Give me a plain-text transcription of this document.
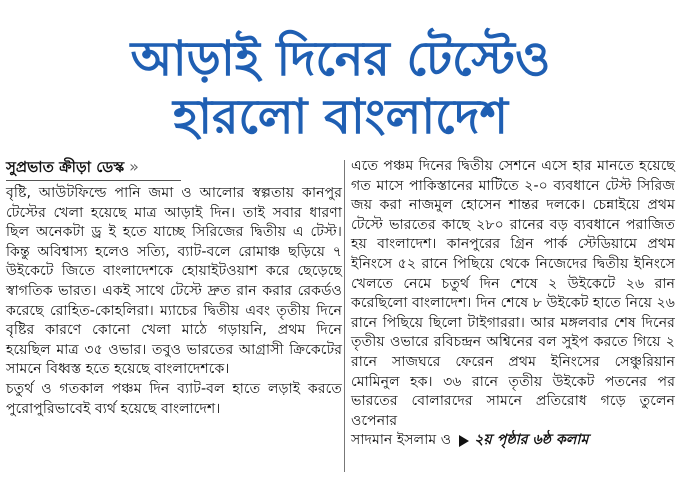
আড়াই দিনের টেস্টেও
হারলো বাংলাদেশ
সুপ্রভাত ক্রীড়া ডেস্ক »

বৃষ্টি, আউটফিল্ডে পানি জমা ও আলোর স্বল্পতায় কানপুর টেস্টের খেলা হয়েছে মাত্র আড়াই দিন। তাই সবার ধারণা ছিল অনেকটা ড্র ই হতে যাচ্ছে সিরিজের দ্বিতীয় এ টেস্ট। কিন্তু অবিশ্বাস্য হলেও সত্যি, ব্যাট-বলে রোমাঞ্চ ছড়িয়ে ৭ উইকেটে জিতে বাংলাদেশকে হোয়াইটওয়াশ করে ছেড়েছে স্বাগতিক ভারত। একই সাথে টেস্টে দ্রুত রান করার রেকর্ডও করেছে রোহিত-কোহলিরা। ম্যাচের দ্বিতীয় এবং তৃতীয় দিনে বৃষ্টির কারণে কোনো খেলা মাঠে গড়ায়নি, প্রথম দিনে হয়েছিল মাত্র ৩৫ ওভার। তবুও ভারতের আগ্রাসী ক্রিকেটের সামনে বিধ্বস্ত হতে হয়েছে বাংলাদেশকে।

চতুর্থ ও গতকাল পঞ্চম দিন ব্যাট-বল হাতে লড়াই করতে পুরোপুরিভাবেই ব্যর্থ হয়েছে বাংলাদেশ।

এতে পঞ্চম দিনের দ্বিতীয় সেশনে এসে হার মানতে হয়েছে গত মাসে পাকিস্তানের মাটিতে ২-০ ব্যবধানে টেস্ট সিরিজ জয় করা নাজমুল হোসেন শান্তর দলকে। চেন্নাইয়ে প্রথম টেস্টে ভারতের কাছে ২৮০ রানের বড় ব্যবধানে পরাজিত হয় বাংলাদেশ। কানপুরের গ্রিন পার্ক স্টেডিয়ামে প্রথম ইনিংসে ৫২ রানে পিছিয়ে থেকে নিজেদের দ্বিতীয় ইনিংসে খেলতে নেমে চতুর্থ দিন শেষে ২ উইকেটে ২৬ রান করেছিলো বাংলাদেশ। দিন শেষে ৮ উইকেট হাতে নিয়ে ২৬ রানে পিছিয়ে ছিলো টাইগাররা। আর মঙ্গলবার শেষ দিনের তৃতীয় ওভারে রবিচন্দ্রন অশ্বিনের বল সুইপ করতে গিয়ে ২ রানে সাজঘরে ফেরেন প্রথম ইনিংসের সেঞ্চুরিয়ান মোমিনুল হক। ৩৬ রানে তৃতীয় উইকেট পতনের পর ভারতের বোলারদের সামনে প্রতিরোধ গড়ে তুলেন ওপেনার

সাদমান ইসলাম ও ২য় পৃষ্ঠার ৬ষ্ঠ কলাম
